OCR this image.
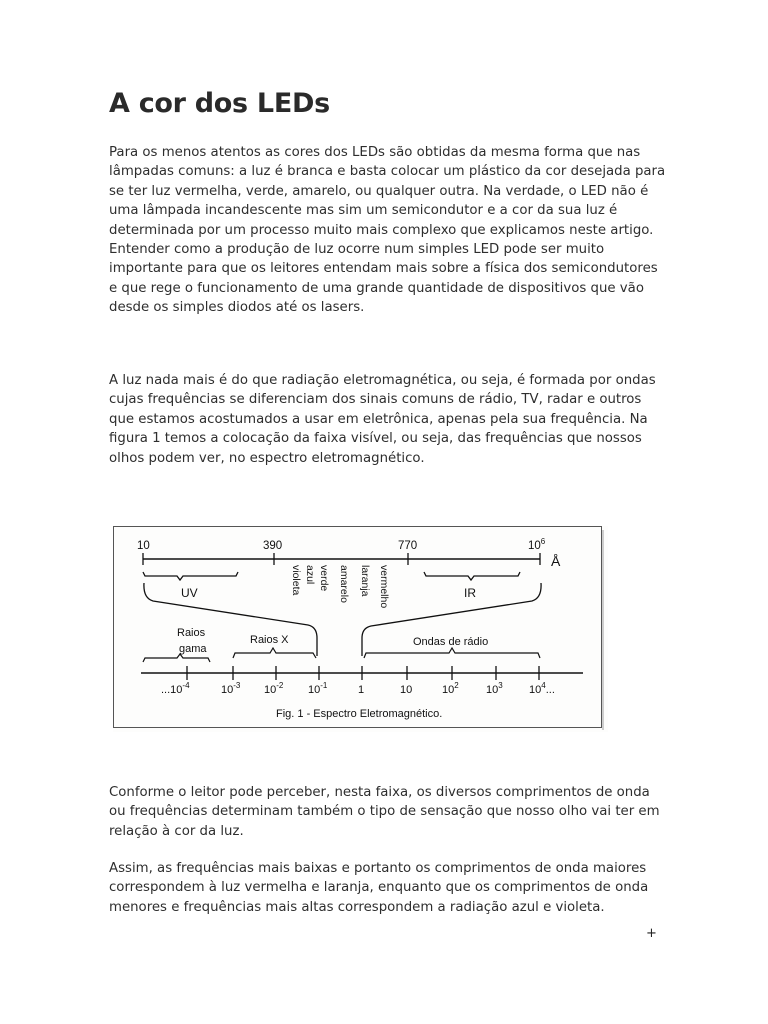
A cor dos LEDs

Para os menos atentos as cores dos LEDs são obtidas da mesma forma que nas lâmpadas comuns: a luz é branca e basta colocar um plástico da cor desejada para se ter luz vermelha, verde, amarelo, ou qualquer outra. Na verdade, o LED não é uma lâmpada incandescente mas sim um semicondutor e a cor da sua luz é determinada por um processo muito mais complexo que explicamos neste artigo. Entender como a produção de luz ocorre num simples LED pode ser muito importante para que os leitores entendam mais sobre a física dos semicondutores e que rege o funcionamento de uma grande quantidade de dispositivos que vão desde os simples diodos até os lasers.

A luz nada mais é do que radiação eletromagnética, ou seja, é formada por ondas cujas frequências se diferenciam dos sinais comuns de rádio, TV, radar e outros que estamos acostumados a usar em eletrônica, apenas pela sua frequência. Na figura 1 temos a colocação da faixa visível, ou seja, das frequências que nossos olhos podem ver, no espectro eletromagnético.

10	390	770	$10^6$
Å
UV	IR
violeta azul verde amarelo laranja vermelho
Raios
gama
Raios X	Ondas de rádio
$...10^{-4}$	$10^{-3}$ $10^{-2}$ $10^{-1}$	1	10	$10^2$ $10^3$ $10^4$...
Fig. 1 - Espectro Eletromagnético.

Conforme o leitor pode perceber, nesta faixa, os diversos comprimentos de onda ou frequências determinam também o tipo de sensação que nosso olho vai ter em relação à cor da luz.

Assim, as frequências mais baixas e portanto os comprimentos de onda maiores correspondem à luz vermelha e laranja, enquanto que os comprimentos de onda menores e frequências mais altas correspondem a radiação azul e violeta.

+
